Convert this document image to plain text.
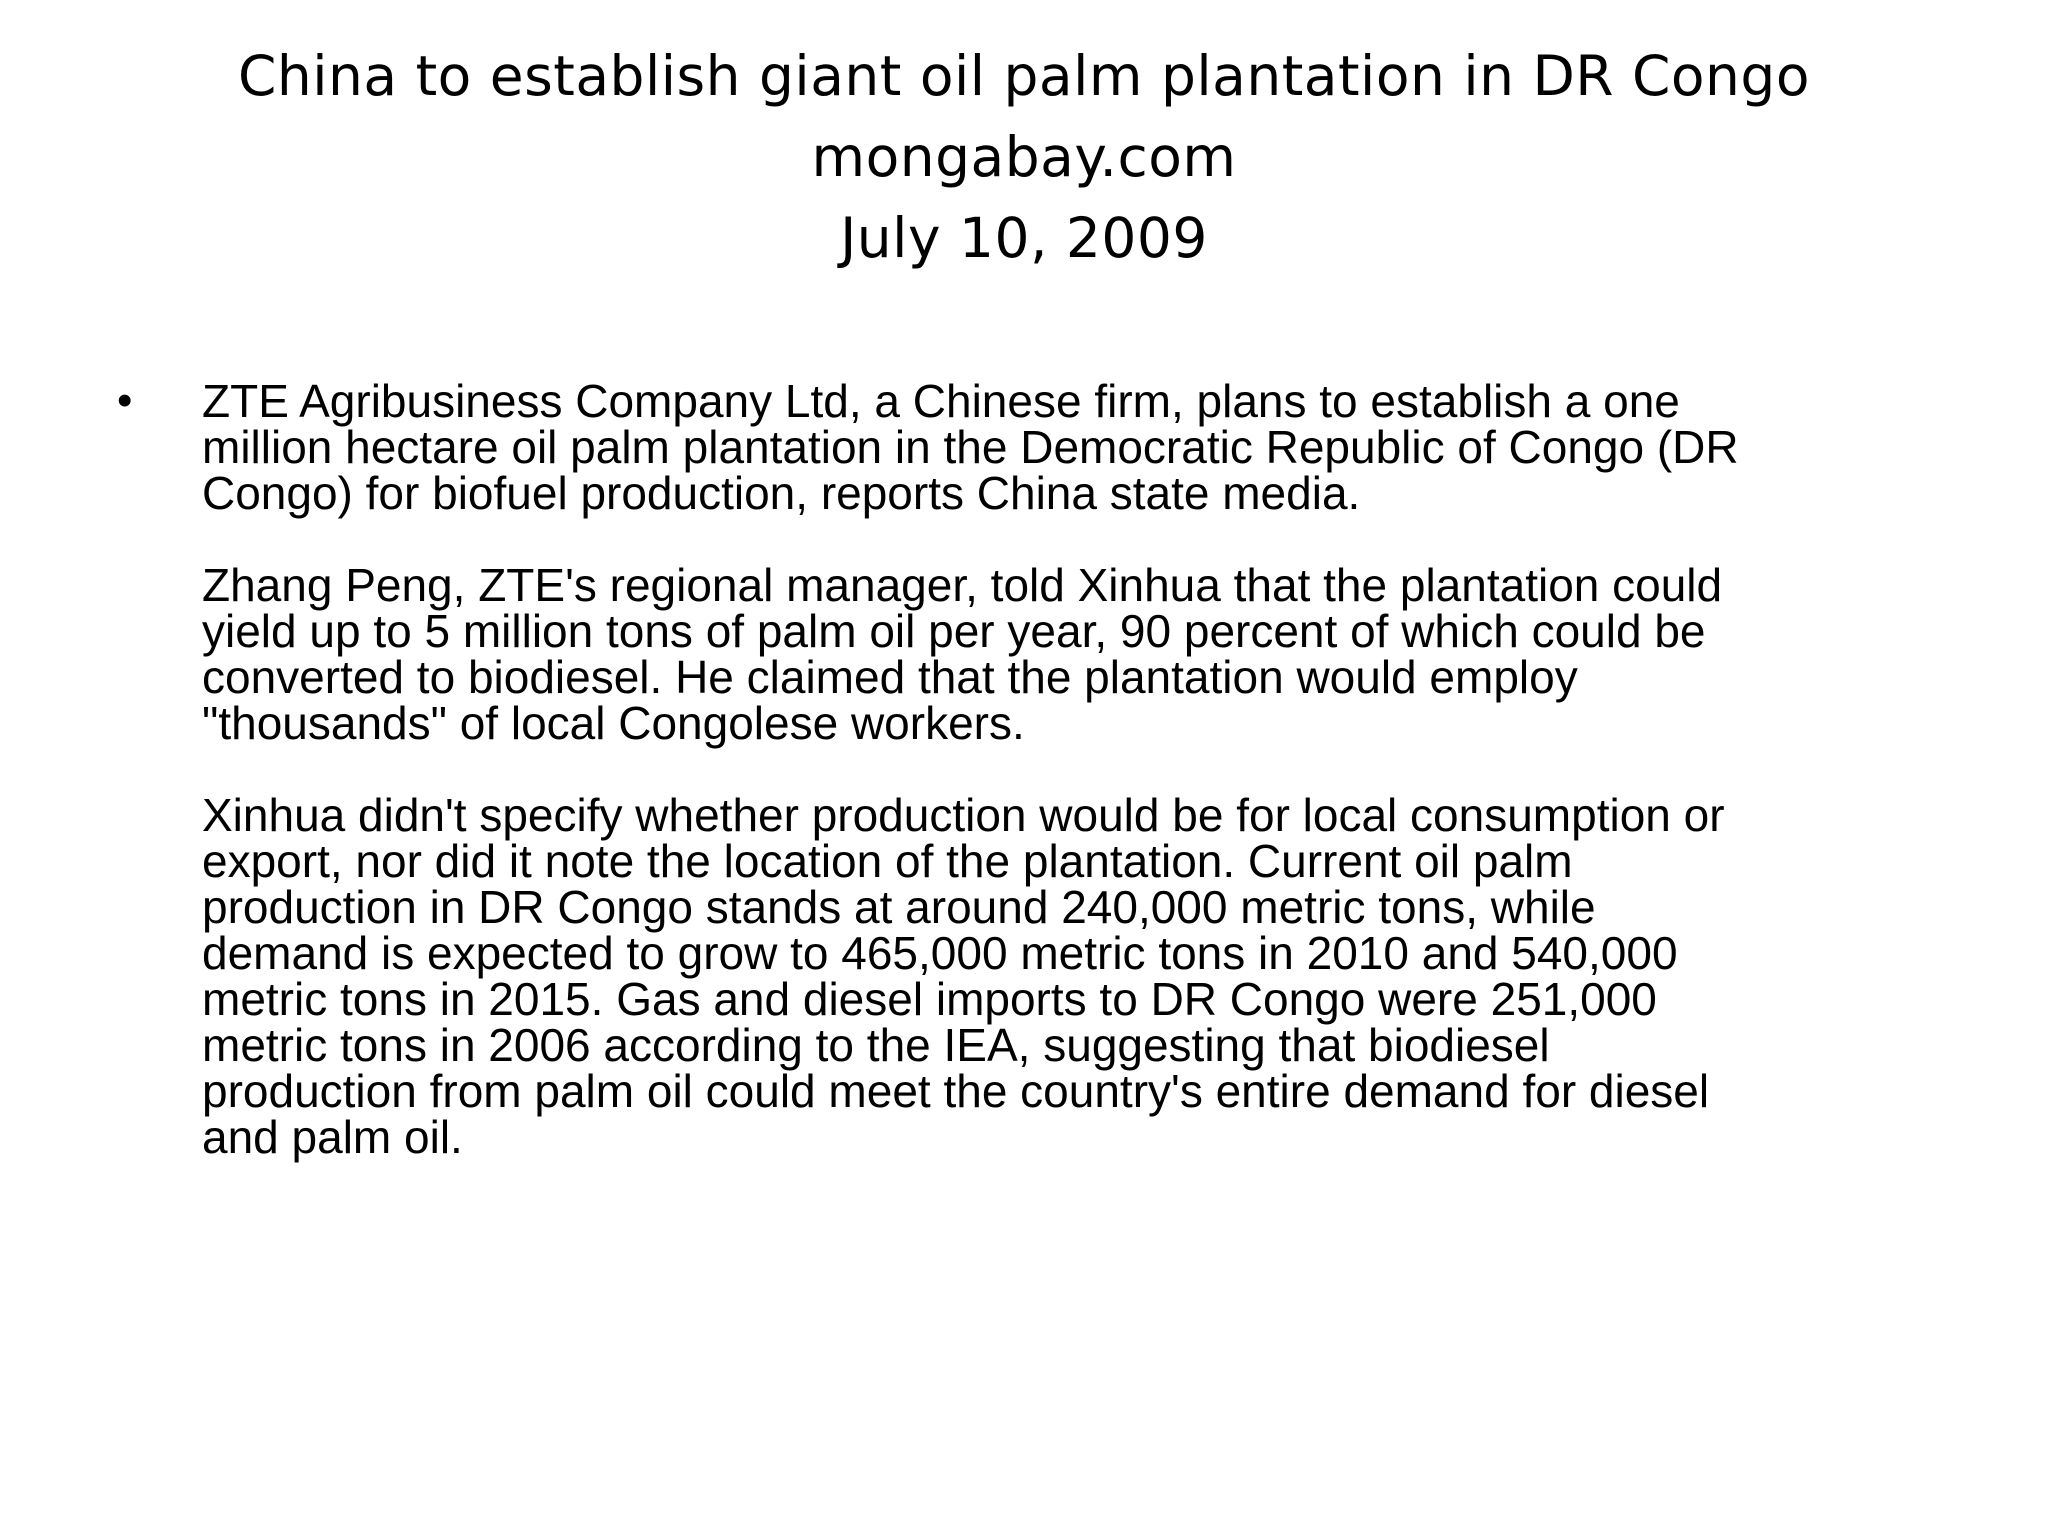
China to establish giant oil palm plantation in DR Congo
mongabay.com
July 10, 2009
• ZTE Agribusiness Company Ltd, a Chinese firm, plans to establish a one
million hectare oil palm plantation in the Democratic Republic of Congo (DR
Congo) for biofuel production, reports China state media.

Zhang Peng, ZTE's regional manager, told Xinhua that the plantation could
yield up to 5 million tons of palm oil per year, 90 percent of which could be
converted to biodiesel. He claimed that the plantation would employ
"thousands" of local Congolese workers.

Xinhua didn't specify whether production would be for local consumption or
export, nor did it note the location of the plantation. Current oil palm
production in DR Congo stands at around 240,000 metric tons, while
demand is expected to grow to 465,000 metric tons in 2010 and 540,000
metric tons in 2015. Gas and diesel imports to DR Congo were 251,000
metric tons in 2006 according to the IEA, suggesting that biodiesel
production from palm oil could meet the country's entire demand for diesel
and palm oil.
